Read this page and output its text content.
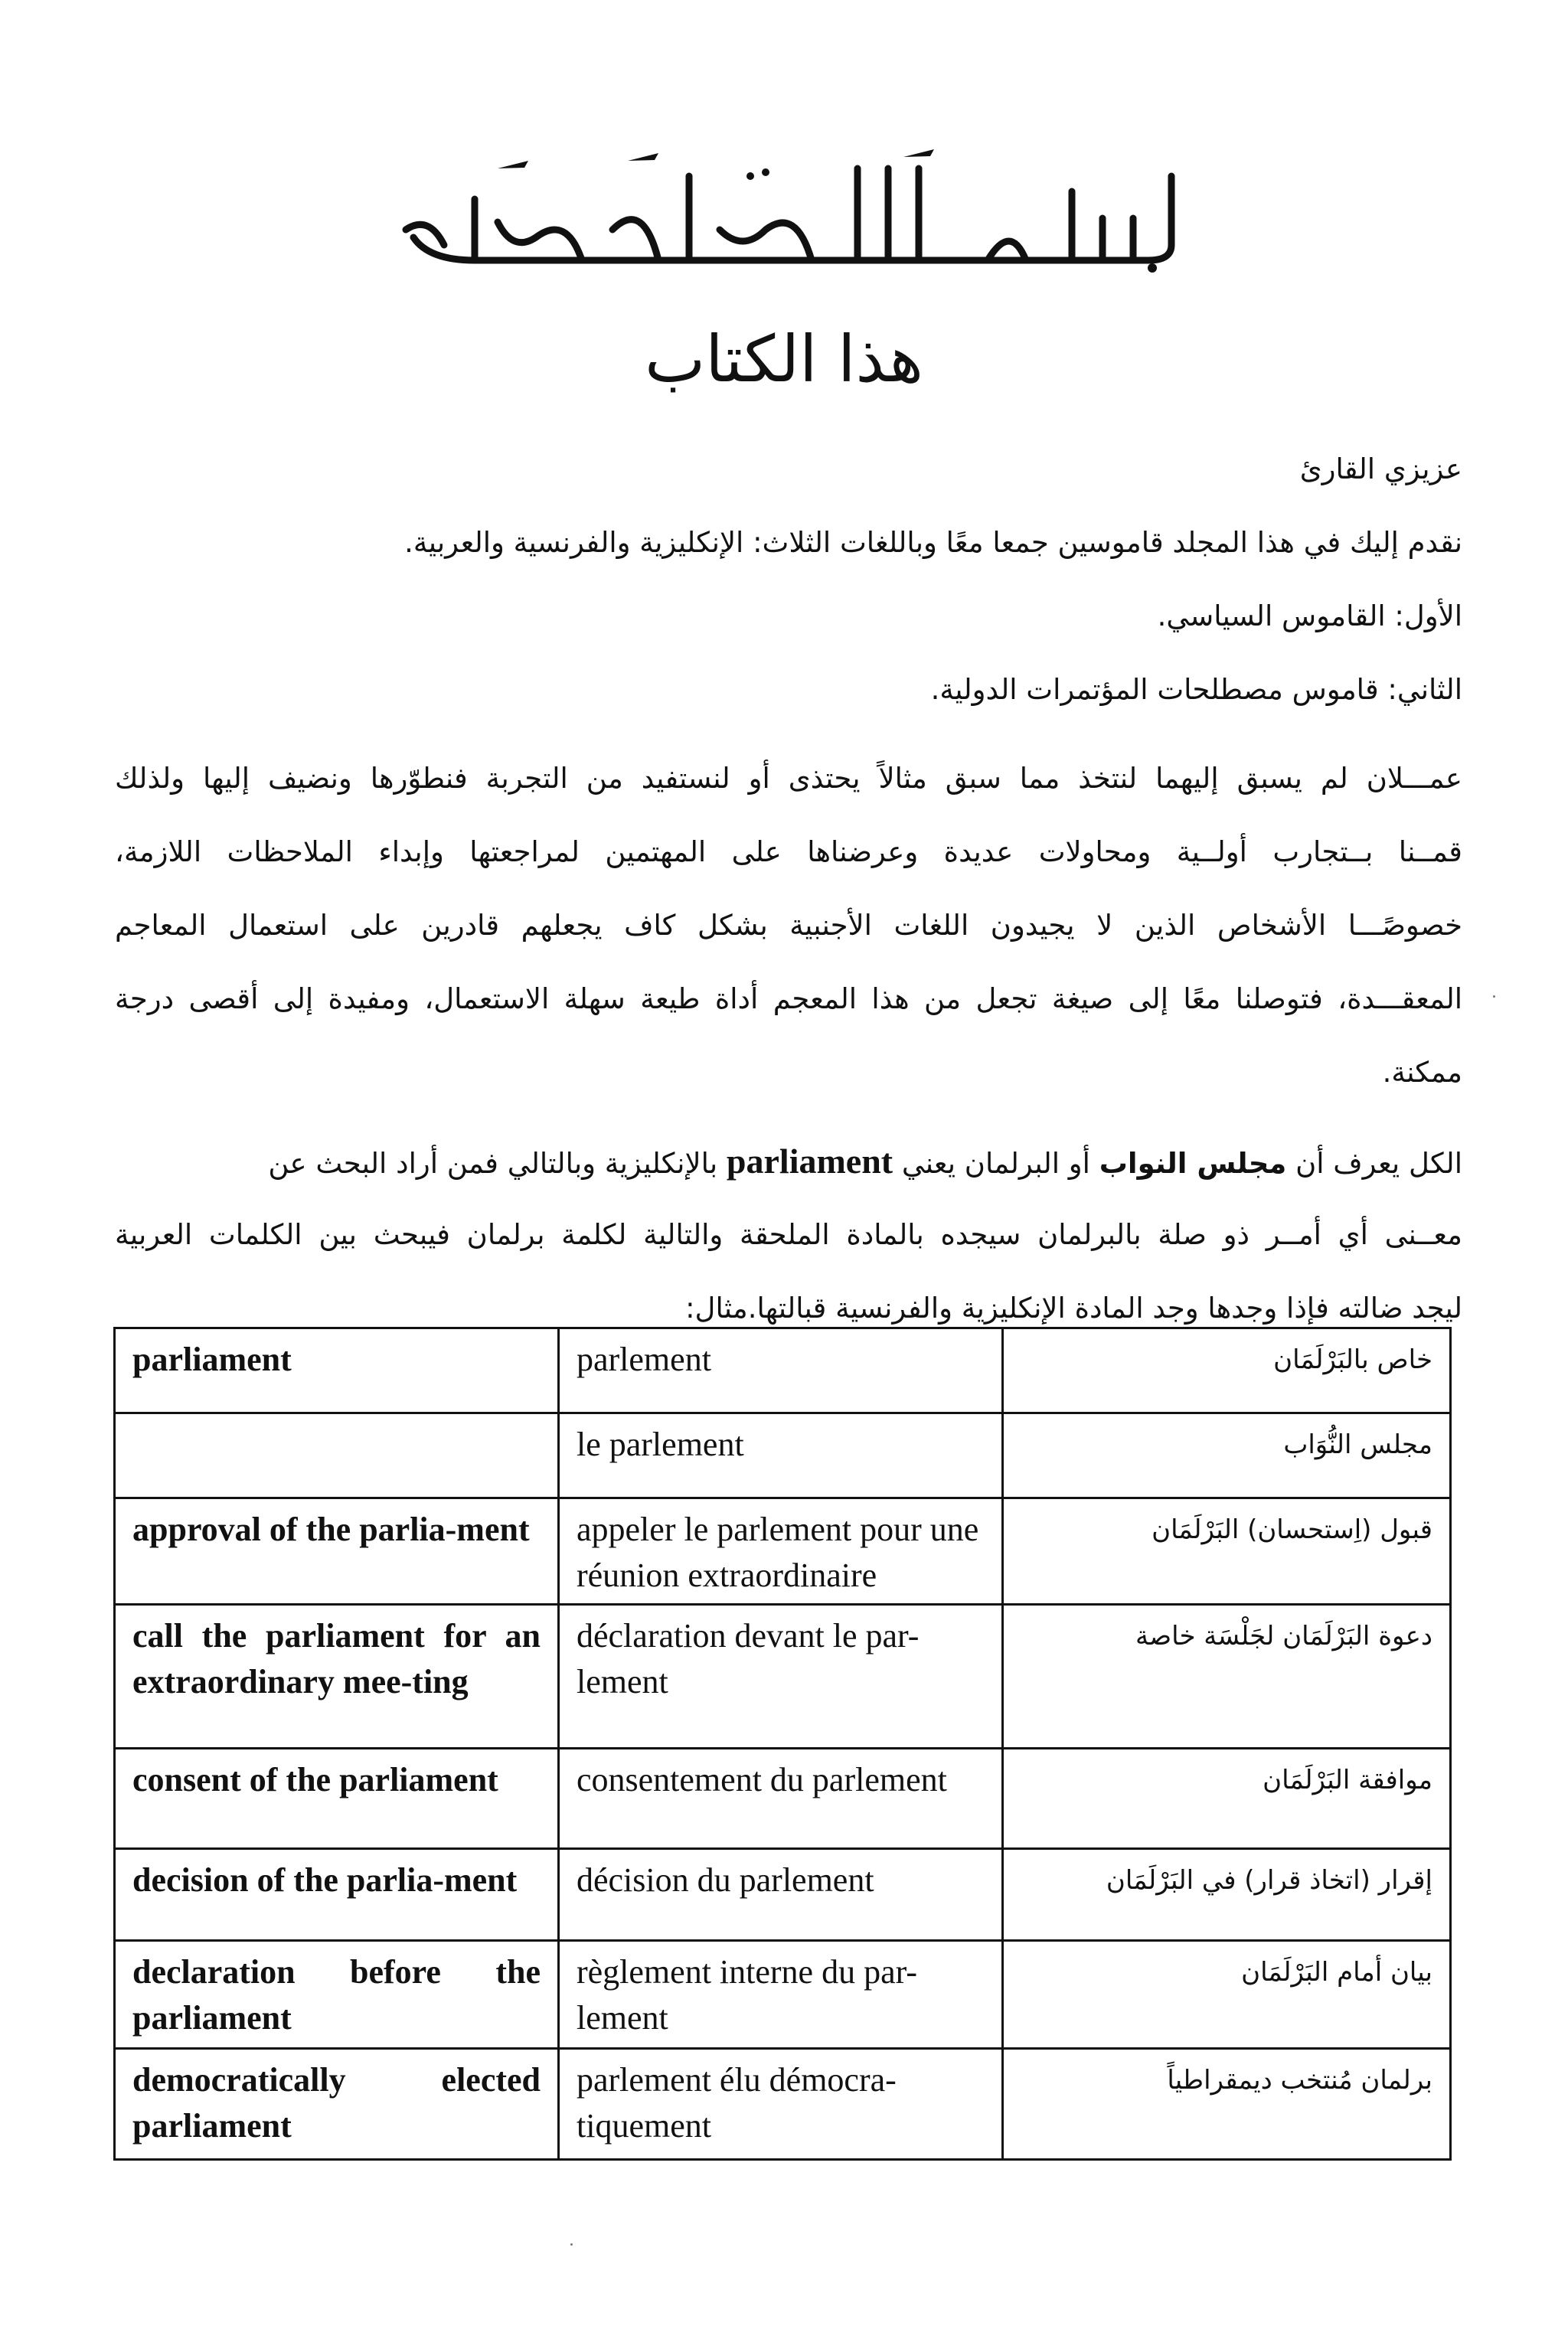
هذا الكتاب
عزيزي القارئ
نقدم إليك في هذا المجلد قاموسين جمعا معًا وباللغات الثلاث: الإنكليزية والفرنسية والعربية.
الأول: القاموس السياسي.
الثاني: قاموس مصطلحات المؤتمرات الدولية.
عمـــلان لم يسبق إليهما لنتخذ مما سبق مثالاً يحتذى أو لنستفيد من التجربة فنطوّرها ونضيف إليها ولذلك
قمــنا بــتجارب أولــية ومحاولات عديدة وعرضناها على المهتمين لمراجعتها وإبداء الملاحظات اللازمة،
خصوصًـــا الأشخاص الذين لا يجيدون اللغات الأجنبية بشكل كاف يجعلهم قادرين على استعمال المعاجم
المعقـــدة، فتوصلنا معًا إلى صيغة تجعل من هذا المعجم أداة طيعة سهلة الاستعمال، ومفيدة إلى أقصى درجة
ممكنة.
الكل يعرف أن مجلس النواب أو البرلمان يعني parliament بالإنكليزية وبالتالي فمن أراد البحث عن
معــنى أي أمــر ذو صلة بالبرلمان سيجده بالمادة الملحقة والتالية لكلمة برلمان فيبحث بين الكلمات العربية
ليجد ضالته فإذا وجدها وجد المادة الإنكليزية والفرنسية قبالتها.مثال:
parliament	parlement	خاص بالبَرْلَمَان
	le parlement	مجلس النُّوَاب
approval of the parlia-ment	appeler le parlement pour une réunion extraordinaire	قبول (اِستحسان) البَرْلَمَان
call the parliament for an extraordinary mee-ting	déclaration devant le par-lement	دعوة البَرْلَمَان لجَلْسَة خاصة
consent of the parliament	consentement du parlement	موافقة البَرْلَمَان
decision of the parlia-ment	décision du parlement	إقرار (اتخاذ قرار) في البَرْلَمَان
declaration before the parliament	règlement interne du par-lement	بيان أمام البَرْلَمَان
democratically elected parliament	parlement élu démocra-tiquement	برلمان مُنتخب ديمقراطياً
